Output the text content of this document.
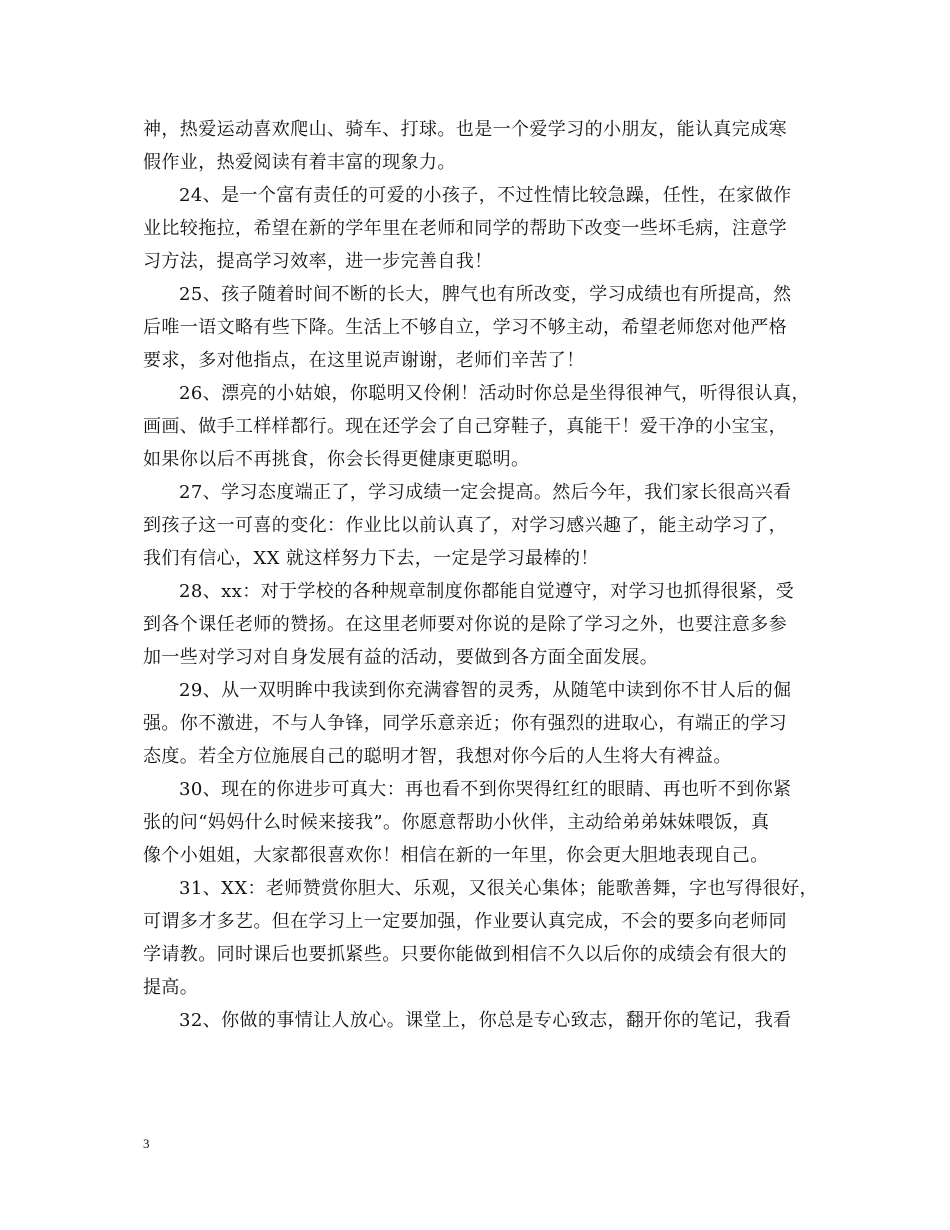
神，热爱运动喜欢爬山、骑车、打球。也是一个爱学习的小朋友，能认真完成寒
假作业，热爱阅读有着丰富的现象力。
24、是一个富有责任的可爱的小孩子，不过性情比较急躁，任性，在家做作
业比较拖拉，希望在新的学年里在老师和同学的帮助下改变一些坏毛病，注意学
习方法，提高学习效率，进一步完善自我！
25、孩子随着时间不断的长大，脾气也有所改变，学习成绩也有所提高，然
后唯一语文略有些下降。生活上不够自立，学习不够主动，希望老师您对他严格
要求，多对他指点，在这里说声谢谢，老师们辛苦了！
26、漂亮的小姑娘，你聪明又伶俐！活动时你总是坐得很神气，听得很认真，
画画、做手工样样都行。现在还学会了自己穿鞋子，真能干！爱干净的小宝宝，
如果你以后不再挑食，你会长得更健康更聪明。
27、学习态度端正了，学习成绩一定会提高。然后今年，我们家长很高兴看
到孩子这一可喜的变化：作业比以前认真了，对学习感兴趣了，能主动学习了，
我们有信心，XX 就这样努力下去，一定是学习最棒的！
28、xx：对于学校的各种规章制度你都能自觉遵守，对学习也抓得很紧，受
到各个课任老师的赞扬。在这里老师要对你说的是除了学习之外，也要注意多参
加一些对学习对自身发展有益的活动，要做到各方面全面发展。
29、从一双明眸中我读到你充满睿智的灵秀，从随笔中读到你不甘人后的倔
强。你不激进，不与人争锋，同学乐意亲近；你有强烈的进取心，有端正的学习
态度。若全方位施展自己的聪明才智，我想对你今后的人生将大有裨益。
30、现在的你进步可真大：再也看不到你哭得红红的眼睛、再也听不到你紧
张的问“妈妈什么时候来接我”。你愿意帮助小伙伴，主动给弟弟妹妹喂饭，真
像个小姐姐，大家都很喜欢你！相信在新的一年里，你会更大胆地表现自己。
31、XX：老师赞赏你胆大、乐观，又很关心集体；能歌善舞，字也写得很好，
可谓多才多艺。但在学习上一定要加强，作业要认真完成，不会的要多向老师同
学请教。同时课后也要抓紧些。只要你能做到相信不久以后你的成绩会有很大的
提高。
32、你做的事情让人放心。课堂上，你总是专心致志，翻开你的笔记，我看
3
